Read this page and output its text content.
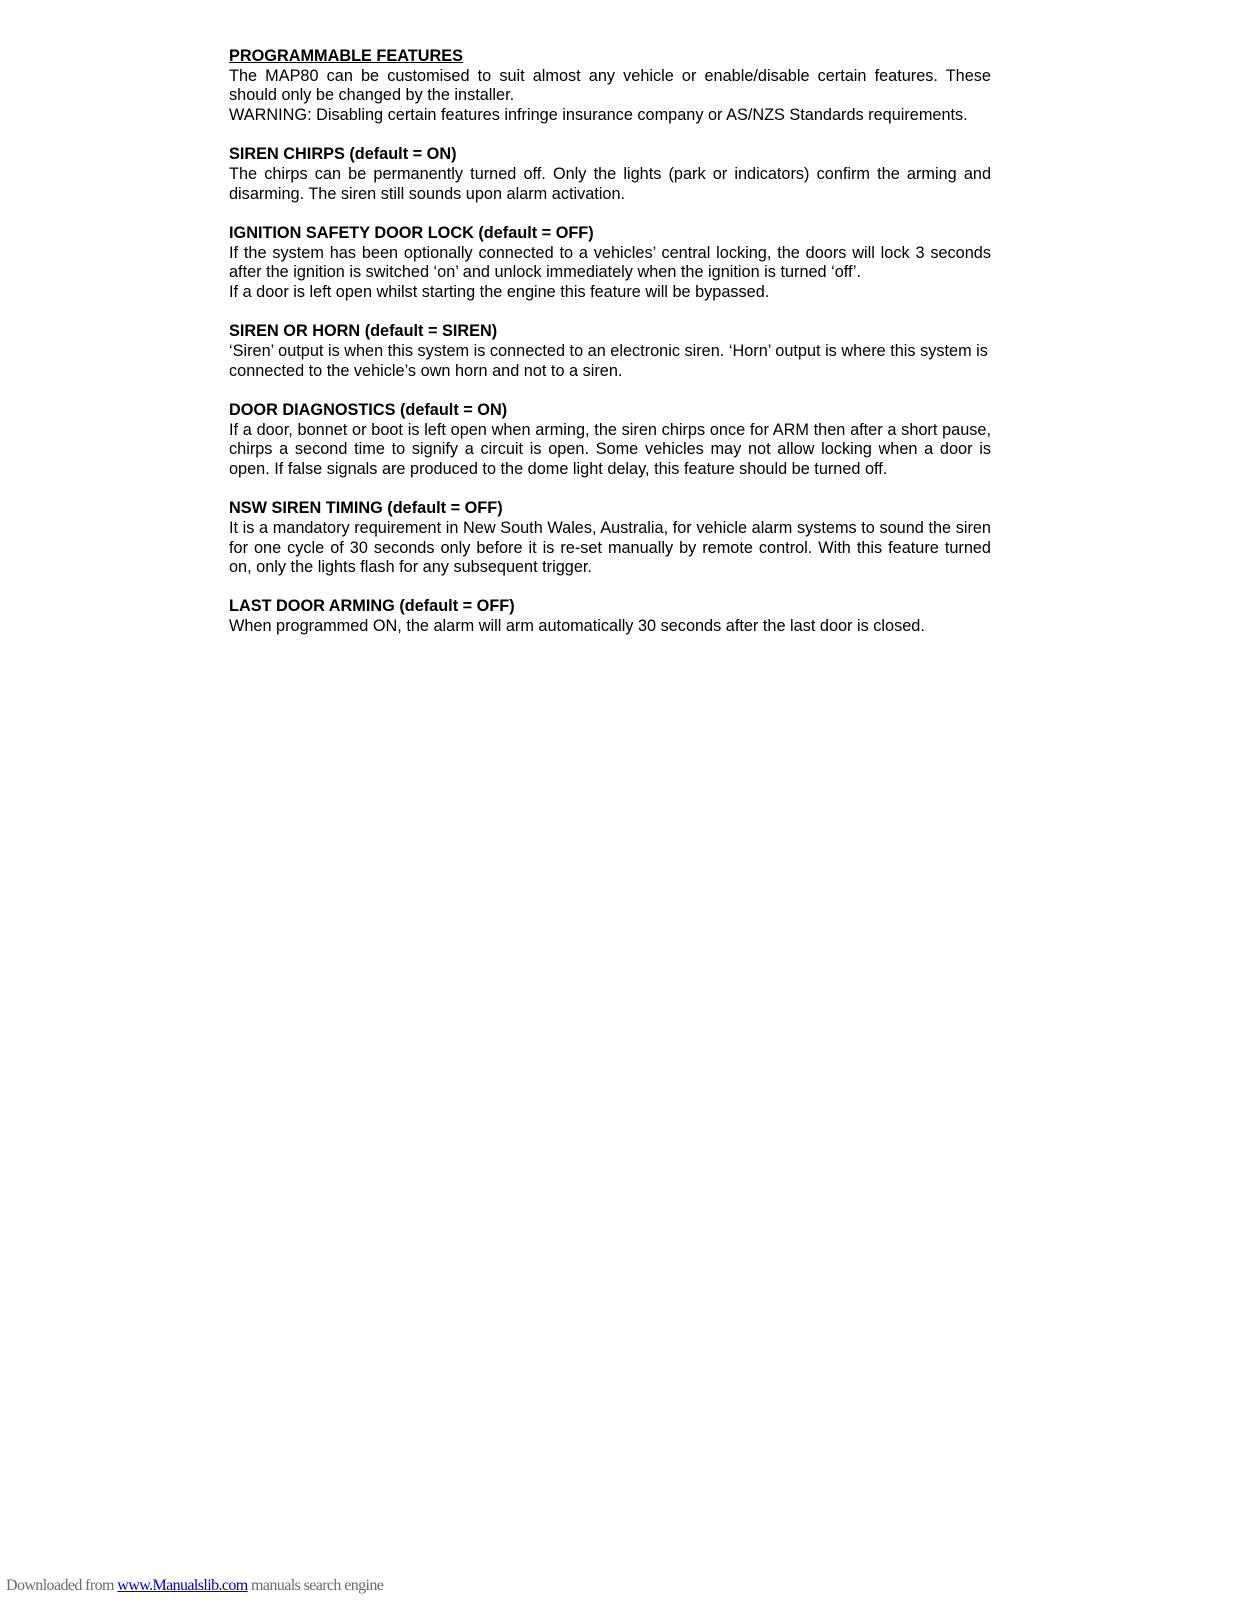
PROGRAMMABLE FEATURES

The MAP80 can be customised to suit almost any vehicle or enable/disable certain features. These should only be changed by the installer.

WARNING: Disabling certain features infringe insurance company or AS/NZS Standards requirements.

SIREN CHIRPS (default = ON)

The chirps can be permanently turned off. Only the lights (park or indicators) confirm the arming and disarming. The siren still sounds upon alarm activation.

IGNITION SAFETY DOOR LOCK (default = OFF)

If the system has been optionally connected to a vehicles’ central locking, the doors will lock 3 seconds after the ignition is switched ‘on’ and unlock immediately when the ignition is turned ‘off’.

If a door is left open whilst starting the engine this feature will be bypassed.

SIREN OR HORN (default = SIREN)

‘Siren’ output is when this system is connected to an electronic siren. ‘Horn’ output is where this system is connected to the vehicle’s own horn and not to a siren.

DOOR DIAGNOSTICS (default = ON)

If a door, bonnet or boot is left open when arming, the siren chirps once for ARM then after a short pause, chirps a second time to signify a circuit is open. Some vehicles may not allow locking when a door is open. If false signals are produced to the dome light delay, this feature should be turned off.

NSW SIREN TIMING (default = OFF)

It is a mandatory requirement in New South Wales, Australia, for vehicle alarm systems to sound the siren for one cycle of 30 seconds only before it is re-set manually by remote control. With this feature turned on, only the lights flash for any subsequent trigger.

LAST DOOR ARMING (default = OFF)

When programmed ON, the alarm will arm automatically 30 seconds after the last door is closed.

Downloaded from www.Manualslib.com manuals search engine
